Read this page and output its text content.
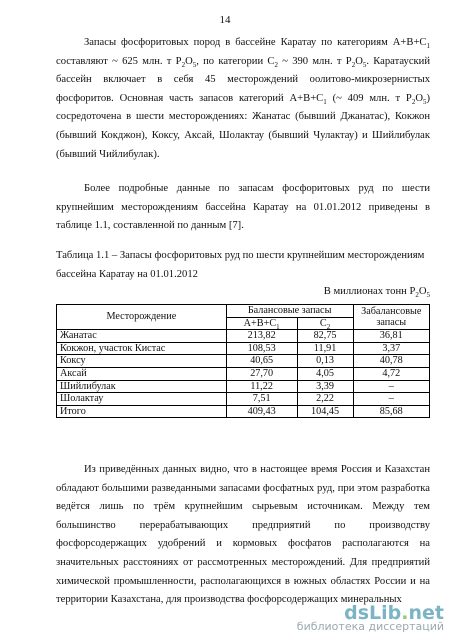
14
Запасы фосфоритовых пород в бассейне Каратау по категориям $А+В+С_1$ составляют ~ 625 млн. т $P_2O_5$, по категории $С_2$ ~ 390 млн. т $P_2O_5$. Каратауский бассейн включает в себя 45 месторождений оолитово-микрозернистых фосфоритов. Основная часть запасов категорий $А+В+С_1$ (~ 409 млн. т $P_2O_5$) сосредоточена в шести месторождениях: Жанатас (бывший Джанатас), Кокжон (бывший Кокджон), Коксу, Аксай, Шолактау (бывший Чулактау) и Шийлибулак (бывший Чийлибулак).
Более подробные данные по запасам фосфоритовых руд по шести крупнейшим месторождениям бассейна Каратау на 01.01.2012 приведены в таблице 1.1, составленной по данным [7].
Таблица 1.1 – Запасы фосфоритовых руд по шести крупнейшим месторождениям бассейна Каратау на 01.01.2012
В миллионах тонн $P_2O_5$
Месторождение	Балансовые запасы		Забалансовые запасы
	$А+В+С_1$	$С_2$
Жанатас	213,82	82,75	36,81
Кокжон, участок Кистас	108,53	11,91	3,37
Коксу	40,65	0,13	40,78
Аксай	27,70	4,05	4,72
Шийлибулак	11,22	3,39	–
Шолактау	7,51	2,22	–
Итого	409,43	104,45	85,68
Из приведённых данных видно, что в настоящее время Россия и Казахстан обладают большими разведанными запасами фосфатных руд, при этом разработка ведётся лишь по трём крупнейшим сырьевым источникам. Между тем большинство перерабатывающих предприятий по производству фосфорсодержащих удобрений и кормовых фосфатов располагаются на значительных расстояниях от рассмотренных месторождений. Для предприятий химической промышленности, располагающихся в южных областях России и на территории Казахстана, для производства фосфорсодержащих минеральных
dsLib.net
библиотека диссертаций
